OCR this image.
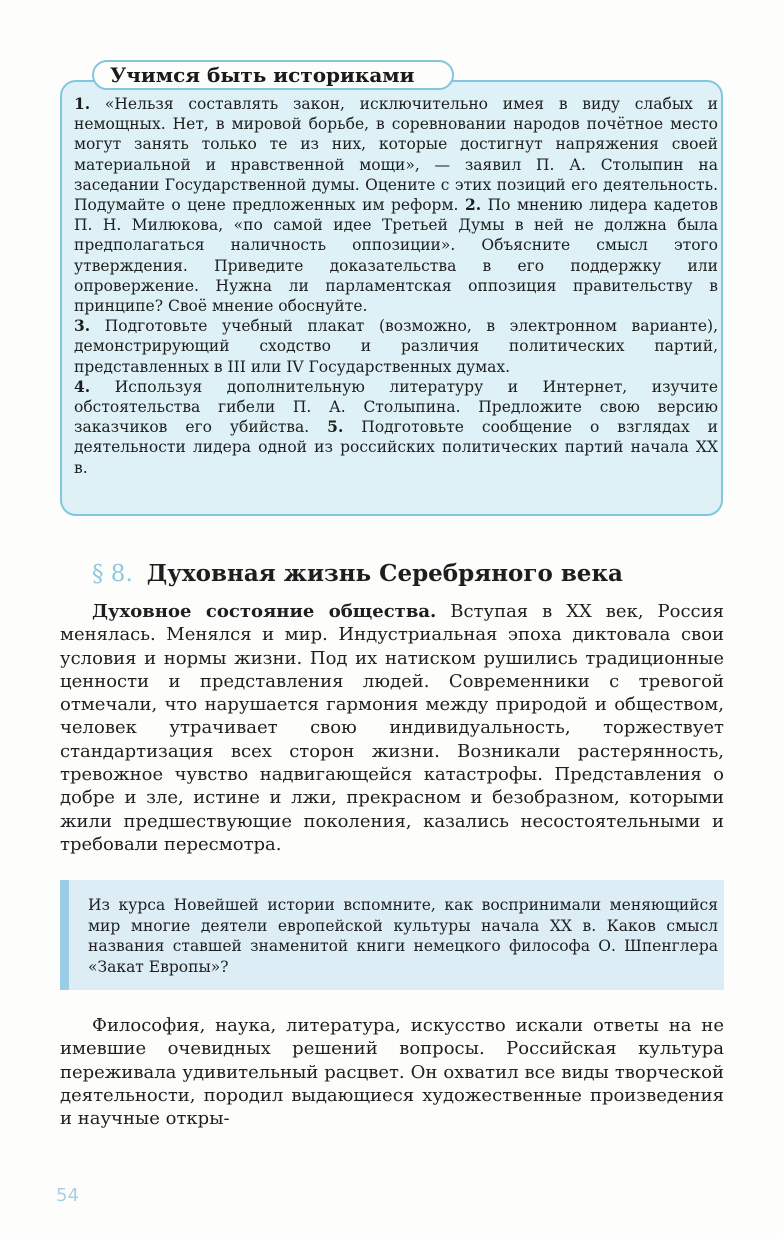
Учимся быть историками

1. «Нельзя составлять закон, исключительно имея в виду слабых и немощных. Нет, в мировой борьбе, в соревновании народов почётное место могут занять только те из них, которые достигнут напряжения своей материальной и нравственной мощи», — заявил П. А. Столыпин на заседании Государственной думы. Оцените с этих позиций его деятельность. Подумайте о цене предложенных им реформ. 2. По мнению лидера кадетов П. Н. Милюкова, «по самой идее Третьей Думы в ней не должна была предполагаться наличность оппозиции». Объясните смысл этого утверждения. Приведите доказательства в его поддержку или опровержение. Нужна ли парламентская оппозиция правительству в принципе? Своё мнение обоснуйте.

3. Подготовьте учебный плакат (возможно, в электронном варианте), демонстрирующий сходство и различия политических партий, представленных в III или IV Государственных думах.

4. Используя дополнительную литературу и Интернет, изучите обстоятельства гибели П. А. Столыпина. Предложите свою версию заказчиков его убийства. 5. Подготовьте сообщение о взглядах и деятельности лидера одной из российских политических партий начала XX в.

§ 8. Духовная жизнь Серебряного века

Духовное состояние общества. Вступая в XX век, Россия менялась. Менялся и мир. Индустриальная эпоха диктовала свои условия и нормы жизни. Под их натиском рушились традиционные ценности и представления людей. Современники с тревогой отмечали, что нарушается гармония между природой и обществом, человек утрачивает свою индивидуальность, торжествует стандартизация всех сторон жизни. Возникали растерянность, тревожное чувство надвигающейся катастрофы. Представления о добре и зле, истине и лжи, прекрасном и безобразном, которыми жили предшествующие поколения, казались несостоятельными и требовали пересмотра.

Из курса Новейшей истории вспомните, как воспринимали меняющийся мир многие деятели европейской культуры начала XX в. Каков смысл названия ставшей знаменитой книги немецкого философа О. Шпенглера «Закат Европы»?

Философия, наука, литература, искусство искали ответы на не имевшие очевидных решений вопросы. Российская культура переживала удивительный расцвет. Он охватил все виды творческой деятельности, породил выдающиеся художественные произведения и научные откры-

54
